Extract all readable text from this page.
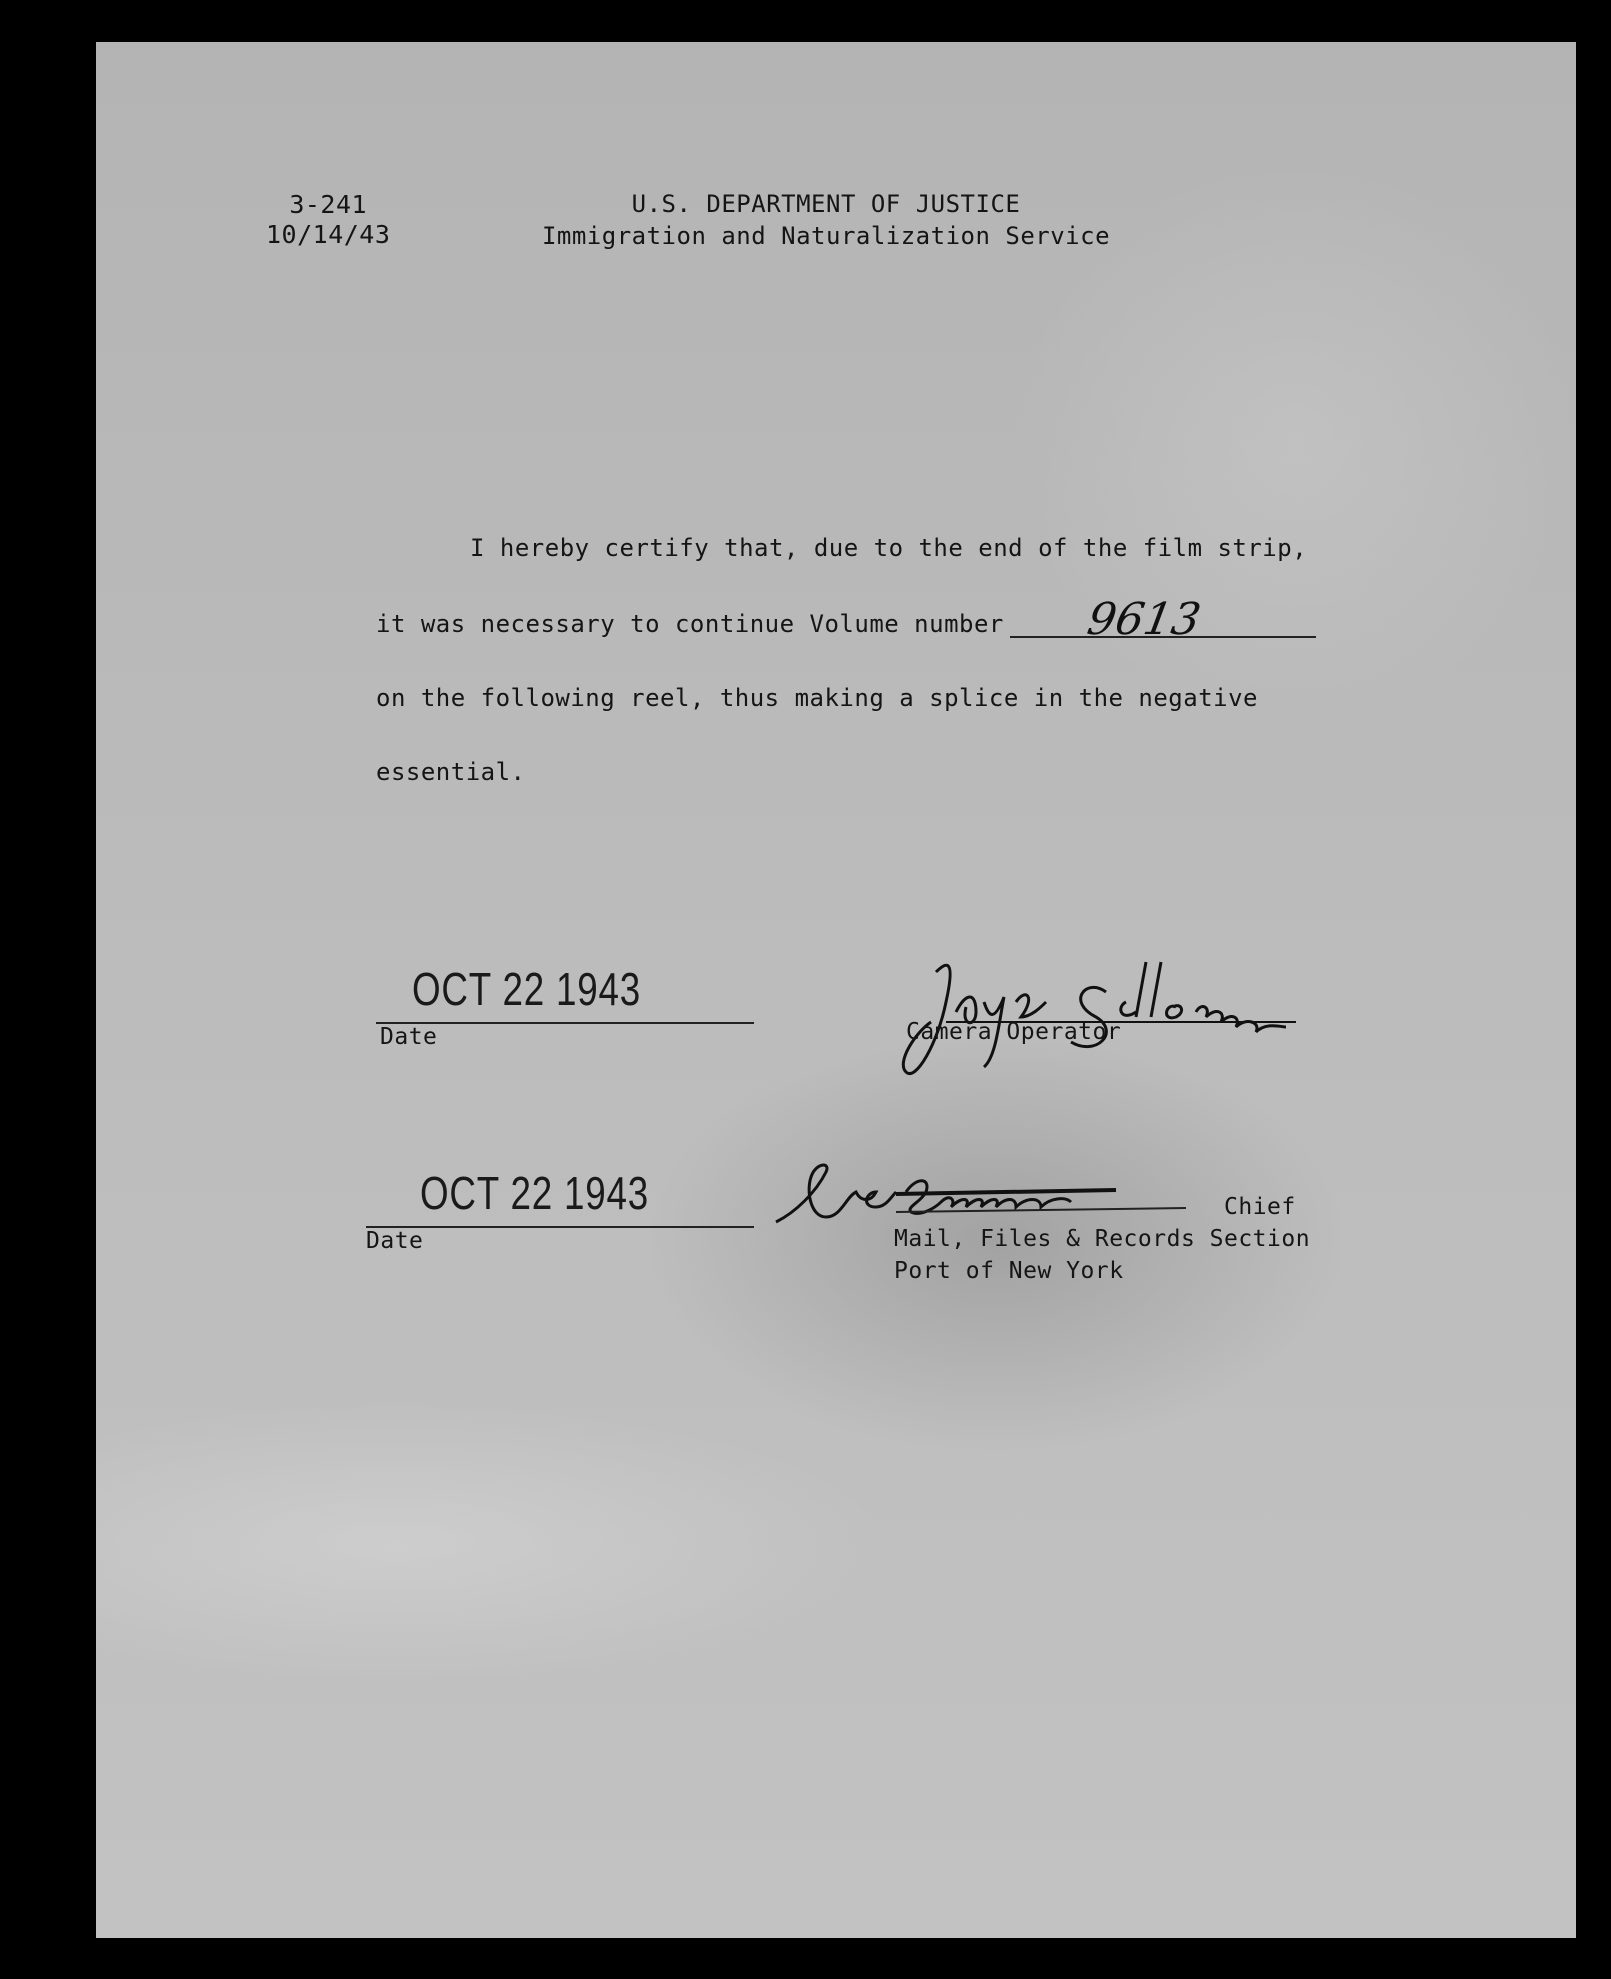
3-241
10/14/43
U.S. DEPARTMENT OF JUSTICE
Immigration and Naturalization Service
I hereby certify that, due to the end of the film strip,
it was necessary to continue Volume number 9613
on the following reel, thus making a splice in the negative
essential.
OCT 22 1943
Date	Camera Operator
OCT 22 1943
Date
Chief
Mail, Files & Records Section
Port of New York
